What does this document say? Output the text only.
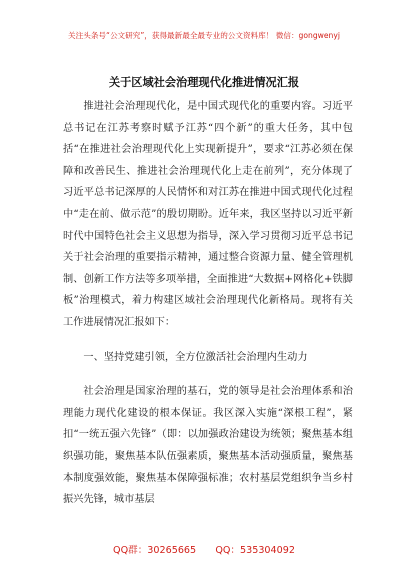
关注头条号“公文研究”，获得最新最全最专业的公文资料库！ 微信：gongwenyj
关于区域社会治理现代化推进情况汇报

推进社会治理现代化，是中国式现代化的重要内容。习近平总书记在江苏考察时赋予江苏“四个新”的重大任务，其中包括“在推进社会治理现代化上实现新提升”，要求“江苏必须在保障和改善民生、推进社会治理现代化上走在前列”，充分体现了习近平总书记深厚的人民情怀和对江苏在推进中国式现代化过程中“走在前、做示范”的殷切期盼。近年来，我区坚持以习近平新时代中国特色社会主义思想为指导，深入学习贯彻习近平总书记关于社会治理的重要指示精神，通过整合资源力量、健全管理机制、创新工作方法等多项举措，全面推进“大数据+网格化+铁脚板”治理模式，着力构建区域社会治理现代化新格局。现将有关工作进展情况汇报如下：

一、坚持党建引领，全方位激活社会治理内生动力

社会治理是国家治理的基石，党的领导是社会治理体系和治理能力现代化建设的根本保证。我区深入实施“深根工程”，紧扣“一统五强六先锋”（即：以加强政治建设为统领；聚焦基本组织强功能，聚焦基本队伍强素质，聚焦基本活动强质量，聚焦基本制度强效能，聚焦基本保障强标准；农村基层党组织争当乡村振兴先锋，城市基层

QQ群：30265665　　QQ：535304092
